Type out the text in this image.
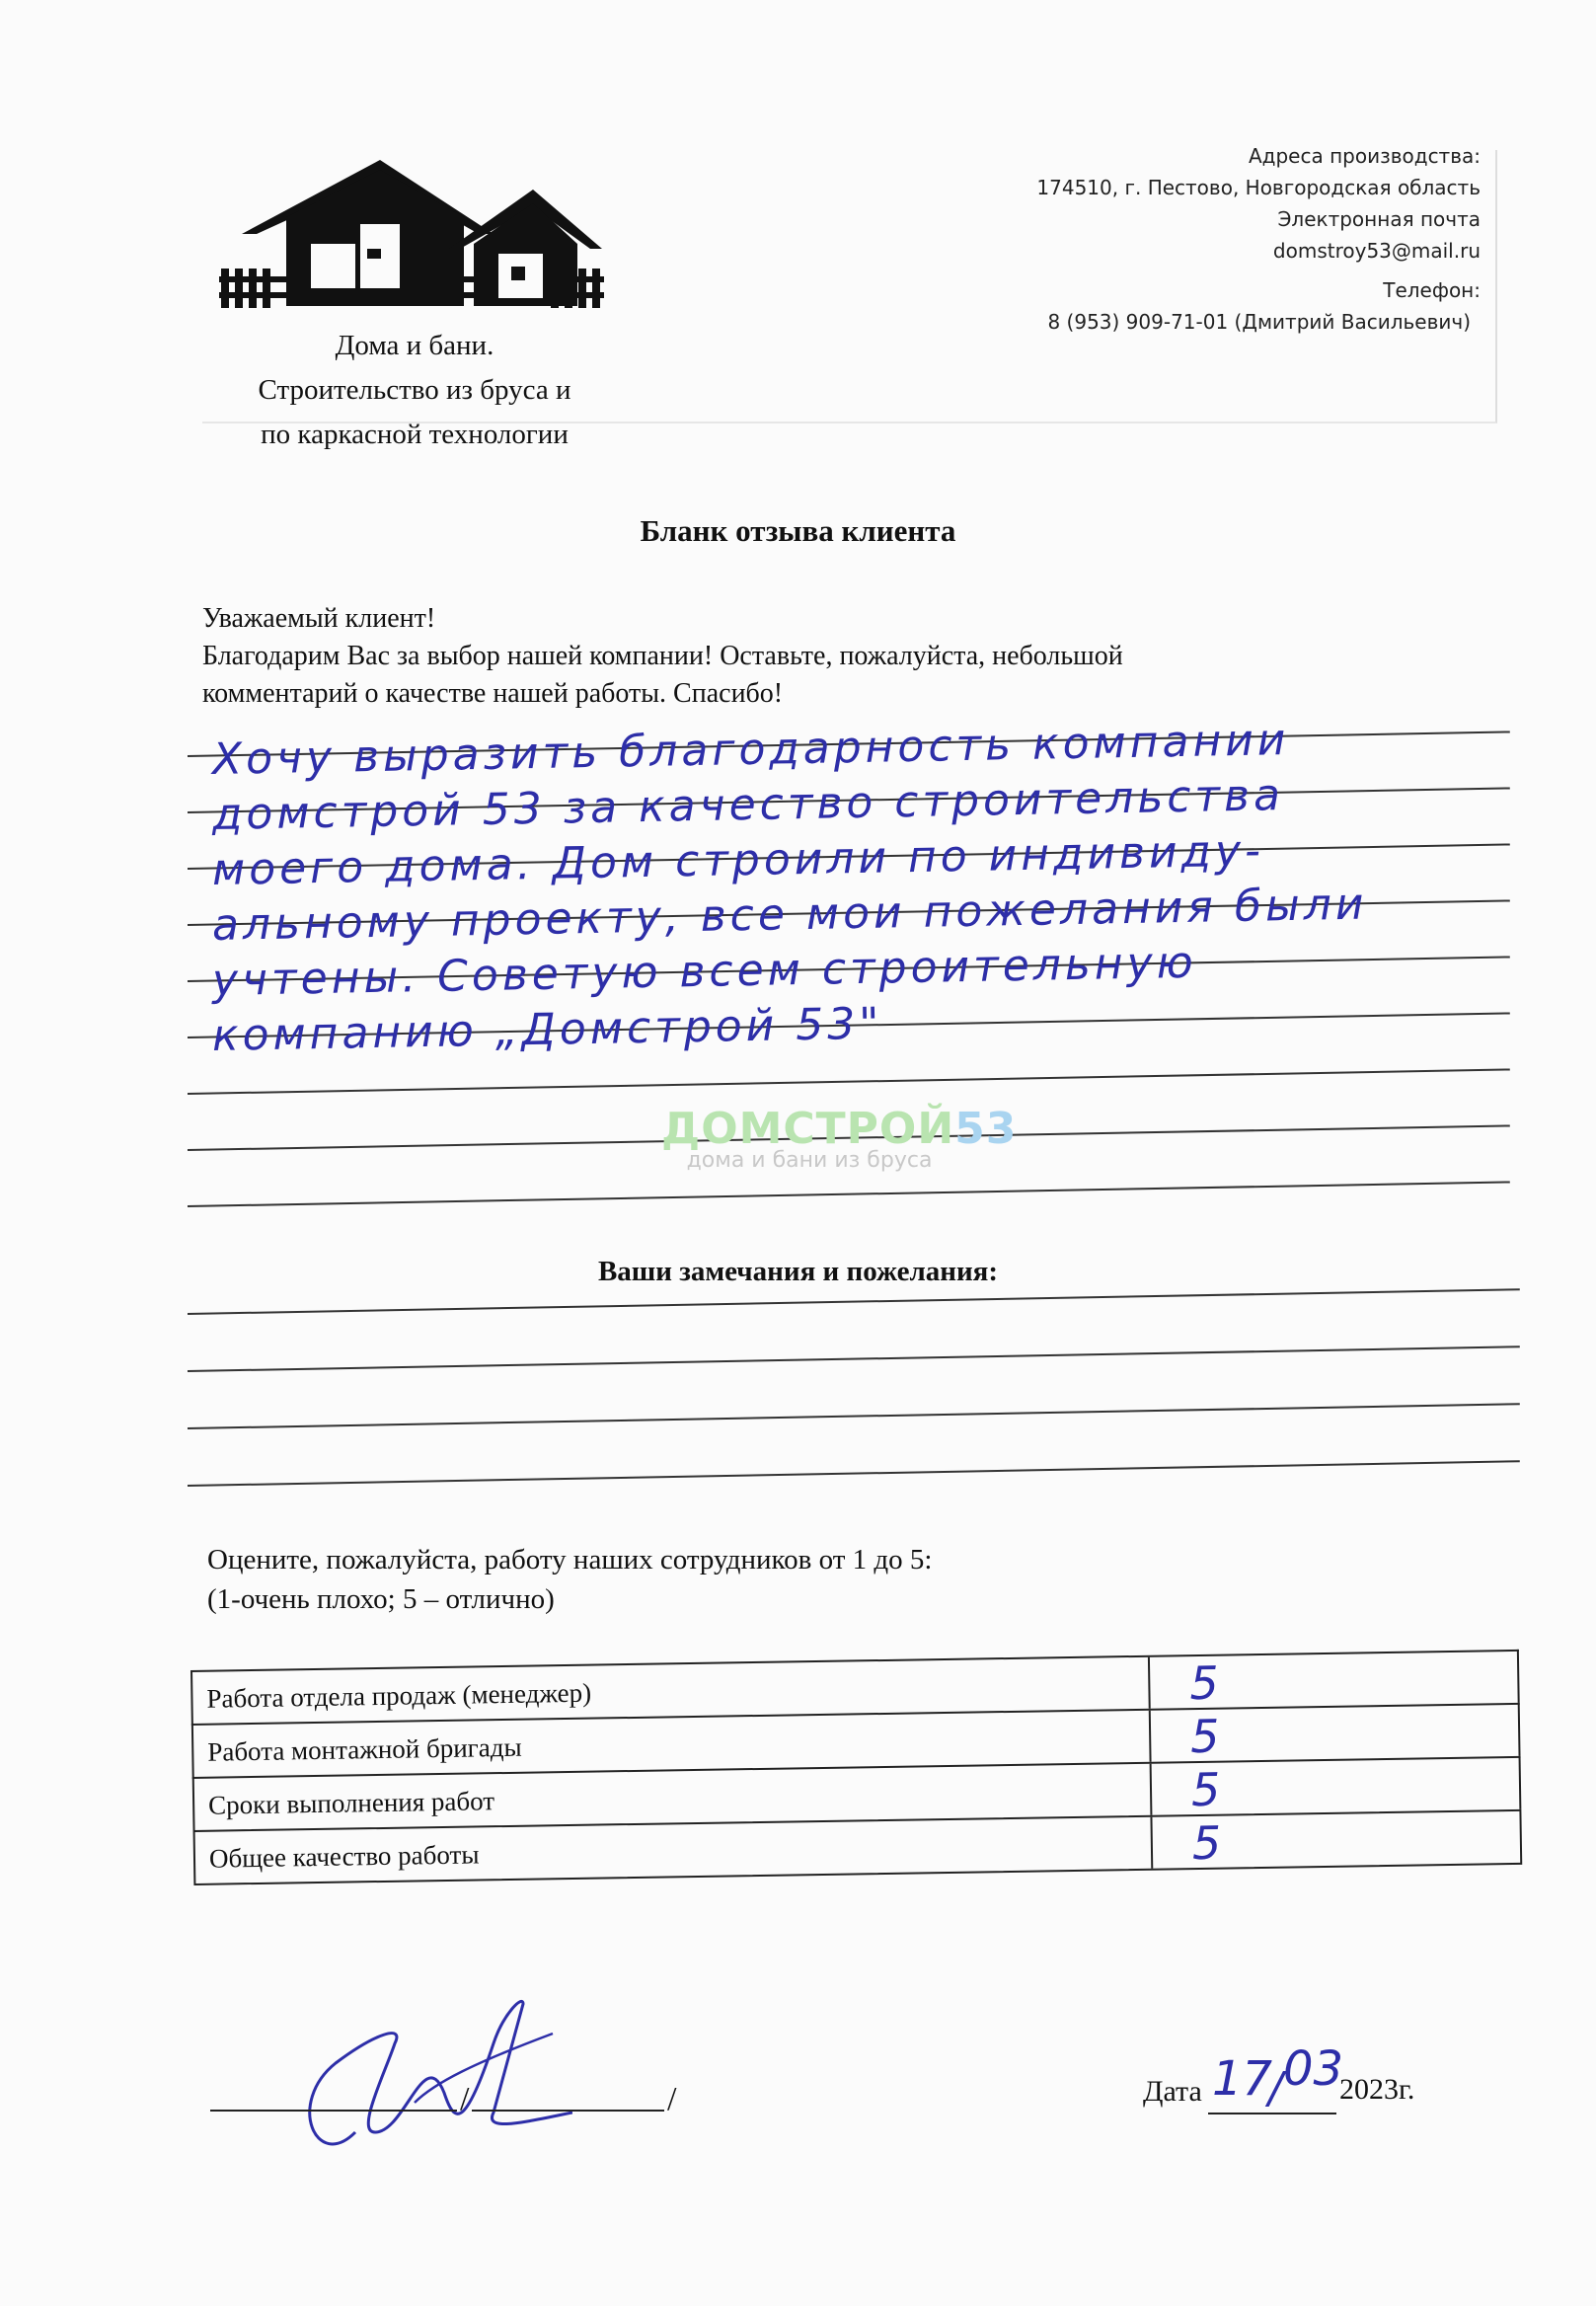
Дома и бани.
Строительство из бруса и
по каркасной технологии
Адреса производства:
174510, г. Пестово, Новгородская область
Электронная почта
domstroy53@mail.ru
Телефон:
8 (953) 909-71-01 (Дмитрий Васильевич)
Бланк отзыва клиента
Уважаемый клиент!
Благодарим Вас за выбор нашей компании! Оставьте, пожалуйста, небольшой
комментарий о качестве нашей работы. Спасибо!
Хочу выразить благодарность компании
домстрой 53 за качество строительства
моего дома. Дом строили по индивиду-
альному проекту, все мои пожелания были
учтены. Советую всем строительную
компанию „Домстрой 53"
ДОМСТРОЙ53
дома и бани из бруса
Ваши замечания и пожелания:
Оцените, пожалуйста, работу наших сотрудников от 1 до 5:
(1-очень плохо; 5 – отлично)
Работа отдела продаж (менеджер)	5
Работа монтажной бригады	5
Сроки выполнения работ	5
Общее качество работы	5
/	/	Дата 17
/ 03
2023г.
